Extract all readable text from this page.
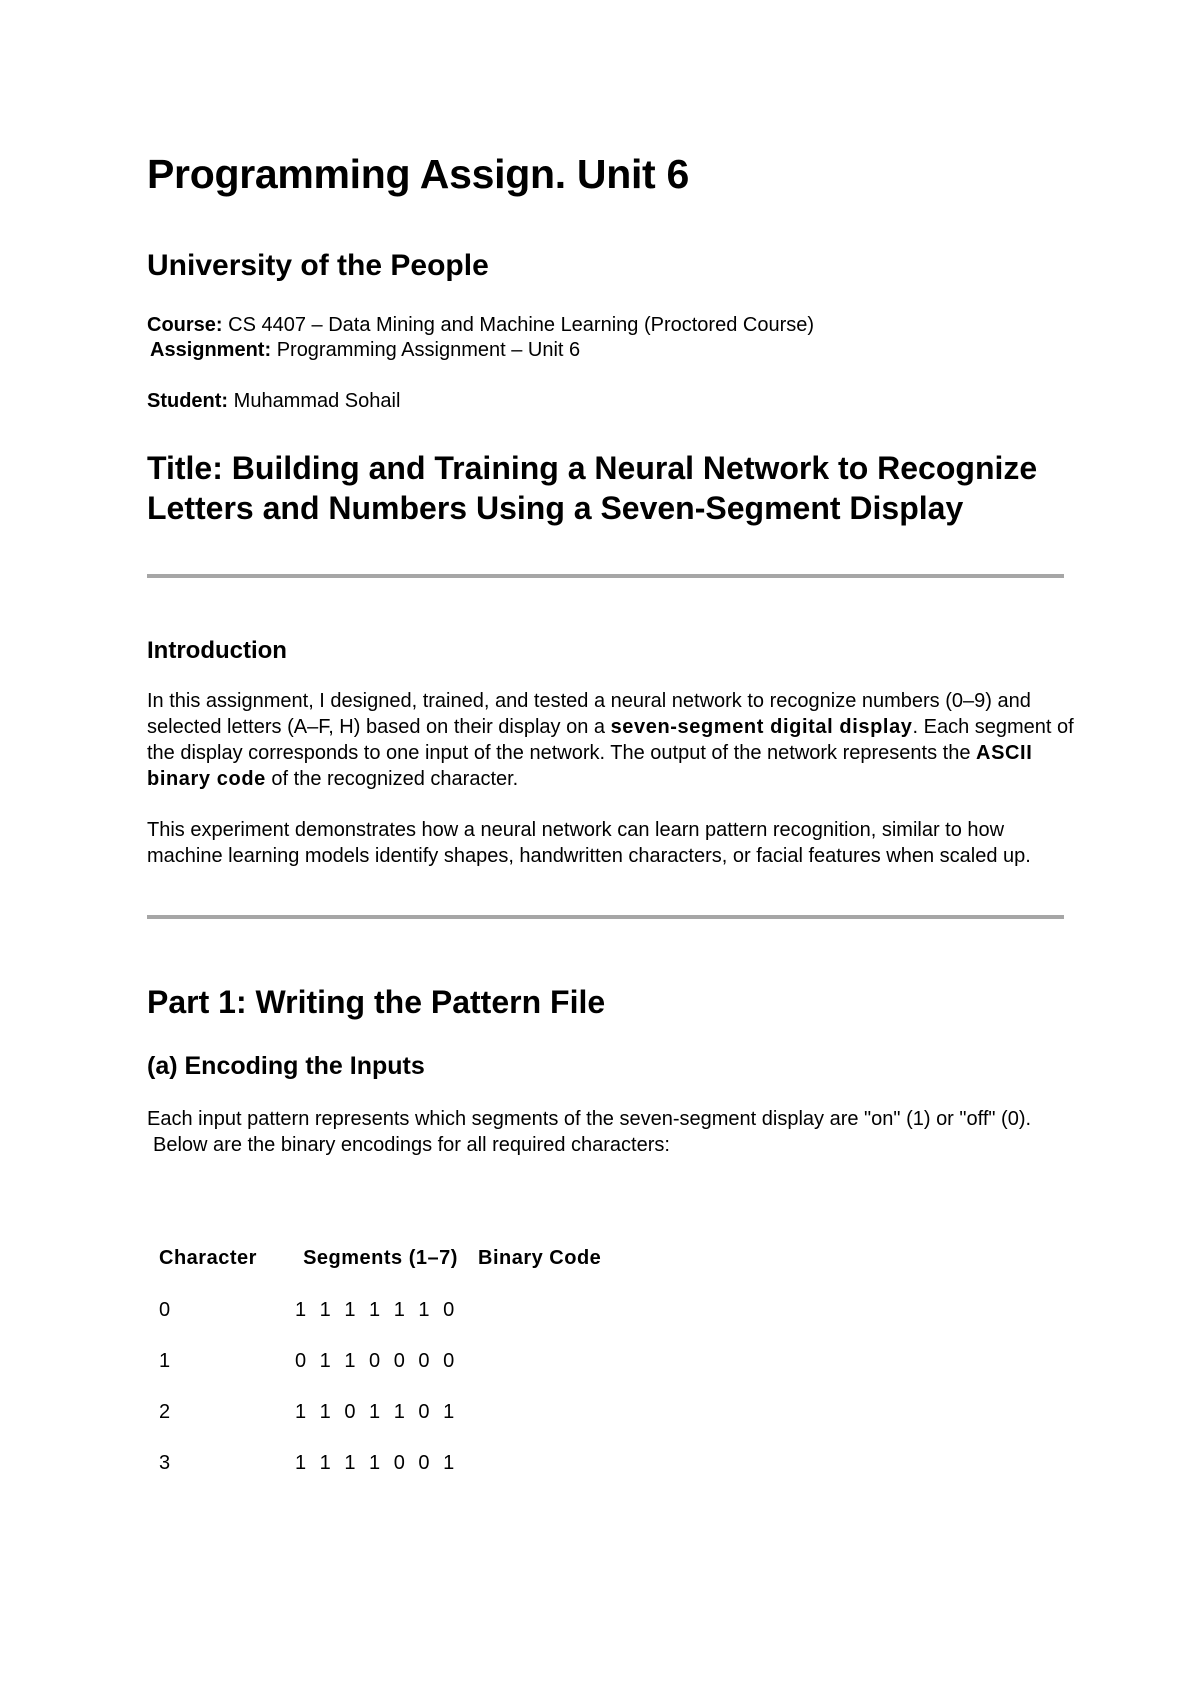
Programming Assign. Unit 6
University of the People

Course: CS 4407 – Data Mining and Machine Learning (Proctored Course)

Assignment: Programming Assignment – Unit 6

Student: Muhammad Sohail

Title: Building and Training a Neural Network to Recognize Letters and Numbers Using a Seven-Segment Display
Introduction

In this assignment, I designed, trained, and tested a neural network to recognize numbers (0–9) and selected letters (A–F, H) based on their display on a seven-segment digital display. Each segment of the display corresponds to one input of the network. The output of the network represents the ASCII binary code of the recognized character.

This experiment demonstrates how a neural network can learn pattern recognition, similar to how machine learning models identify shapes, handwritten characters, or facial features when scaled up.

Part 1: Writing the Pattern File
(a) Encoding the Inputs

Each input pattern represents which segments of the seven-segment display are "on" (1) or "off" (0).
Below are the binary encodings for all required characters:

Character	Segments (1–7)	Binary Code
0	1 1 1 1 1 1 0	
1	0 1 1 0 0 0 0	
2	1 1 0 1 1 0 1	
3	1 1 1 1 0 0 1	
